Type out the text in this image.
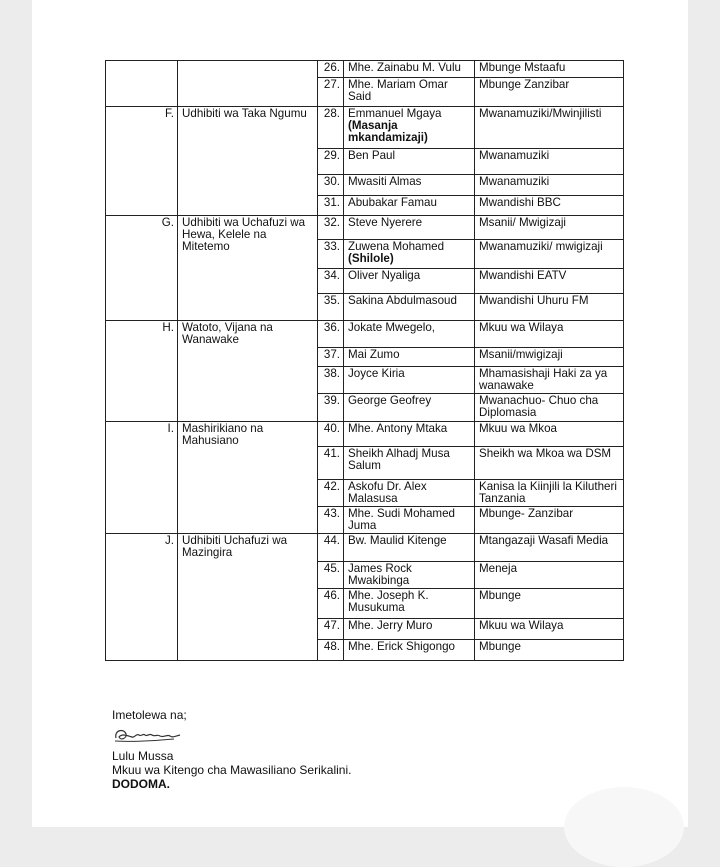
		26.	Mhe. Zainabu M. Vulu	Mbunge Mstaafu
		27.	Mhe. Mariam Omar Said	Mbunge Zanzibar
F.	Udhibiti wa Taka Ngumu	28.	Emmanuel Mgaya (Masanja mkandamizaji)	Mwanamuziki/Mwinjilisti
		29.	Ben Paul	Mwanamuziki
		30.	Mwasiti Almas	Mwanamuziki
		31.	Abubakar Famau	Mwandishi BBC
G.	Udhibiti wa Uchafuzi wa Hewa, Kelele na Mitetemo	32.	Steve Nyerere	Msanii/ Mwigizaji
		33.	Zuwena Mohamed (Shilole)	Mwanamuziki/ mwigizaji
		34.	Oliver Nyaliga	Mwandishi EATV
		35.	Sakina Abdulmasoud	Mwandishi Uhuru FM
H.	Watoto, Vijana na Wanawake	36.	Jokate Mwegelo,	Mkuu wa Wilaya
		37.	Mai Zumo	Msanii/mwigizaji
		38.	Joyce Kiria	Mhamasishaji Haki za ya wanawake
		39.	George Geofrey	Mwanachuo- Chuo cha Diplomasia
I.	Mashirikiano na Mahusiano	40.	Mhe. Antony Mtaka	Mkuu wa Mkoa
		41.	Sheikh Alhadj Musa Salum	Sheikh wa Mkoa wa DSM
		42.	Askofu Dr. Alex Malasusa	Kanisa la Kiinjili la Kilutheri Tanzania
		43.	Mhe. Sudi Mohamed Juma	Mbunge- Zanzibar
J.	Udhibiti Uchafuzi wa Mazingira	44.	Bw. Maulid Kitenge	Mtangazaji Wasafi Media
		45.	James Rock Mwakibinga	Meneja
		46.	Mhe. Joseph K. Musukuma	Mbunge
		47.	Mhe. Jerry Muro	Mkuu wa Wilaya
		48.	Mhe. Erick Shigongo	Mbunge
Imetolewa na;
Lulu Mussa
Mkuu wa Kitengo cha Mawasiliano Serikalini.
DODOMA.
